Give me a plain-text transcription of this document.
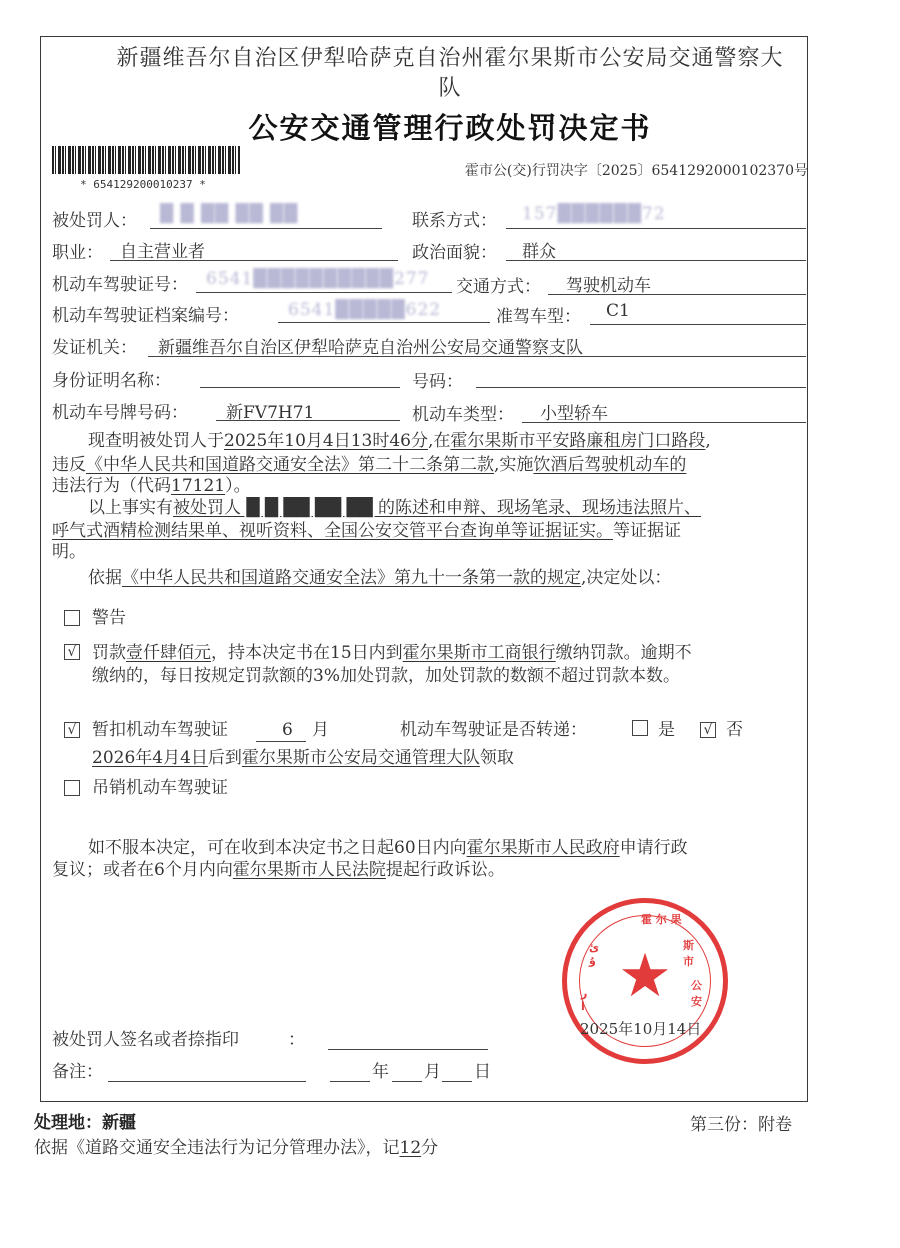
新疆维吾尔自治区伊犁哈萨克自治州霍尔果斯市公安局交通警察大
队
公安交通管理行政处罚决定书
* 654129200010237 *
霍市公(交)行罚决字〔2025〕6541292000102370号
被处罚人： █ █ ██ ██ ██	联系方式： 157██████72
职业： 自主营业者	政治面貌： 群众
机动车驾驶证号： 6541██████████277 交通方式： 驾驶机动车
机动车驾驶证档案编号：	6541█████622	准驾车型： C1
发证机关： 新疆维吾尔自治区伊犁哈萨克自治州公安局交通警察支队
身份证明名称：	号码：
机动车号牌号码： 新FV7H71	机动车类型： 小型轿车
现查明被处罚人于2025年10月4日13时46分,在霍尔果斯市平安路廉租房门口路段,
违反《中华人民共和国道路交通安全法》第二十二条第二款,实施饮酒后驾驶机动车的
违法行为（代码17121）。
以上事实有被处罚人 █ █ ██ ██ ██ 的陈述和申辩、现场笔录、现场违法照片、
呼气式酒精检测结果单、视听资料、全国公安交管平台查询单等证据证实。等证据证
明。
依据《中华人民共和国道路交通安全法》第九十一条第一款的规定,决定处以：
警告
√ 罚款壹仟肆佰元，持本决定书在15日内到霍尔果斯市工商银行缴纳罚款。逾期不
缴纳的，每日按规定罚款额的3%加处罚款，加处罚款的数额不超过罚款本数。
√ 暂扣机动车驾驶证	6 月	机动车驾驶证是否转递：	是 √ 否
2026年4月4日后到霍尔果斯市公安局交通管理大队领取
吊销机动车驾驶证
如不服本决定，可在收到本决定书之日起60日内向霍尔果斯市人民政府申请行政
复议；或者在6个月内向霍尔果斯市人民法院提起行政诉讼。
★
霍 尔 果
斯
市
公
安
ئ
ۇ
ر
ا
2025年10月14日
被处罚人签名或者捺指印	：
备注：	年 月 日
处理地：新疆	第三份：附卷
依据《道路交通安全违法行为记分管理办法》，记12分
